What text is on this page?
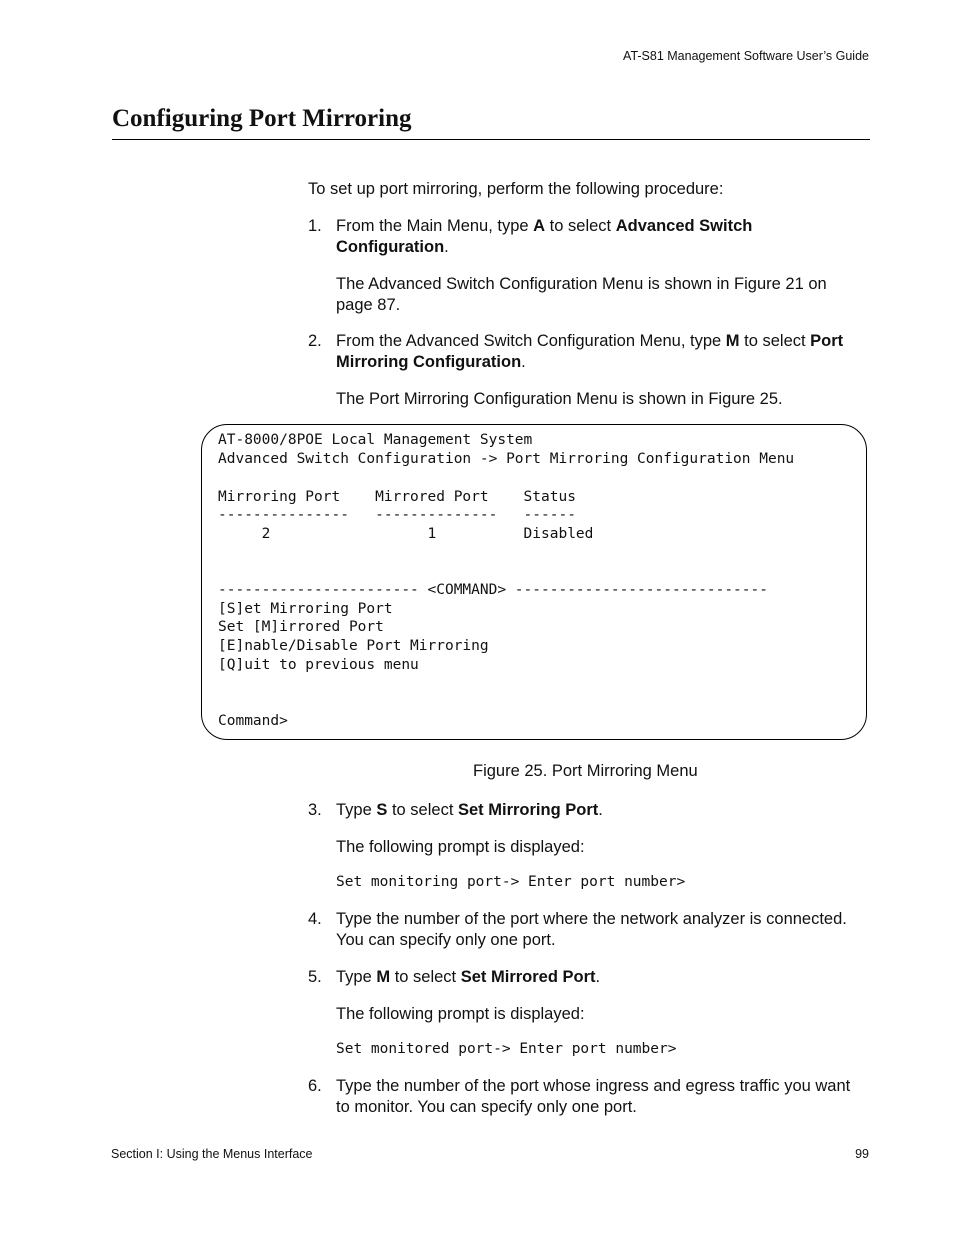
AT-S81 Management Software User’s Guide
Configuring Port Mirroring
To set up port mirroring, perform the following procedure:
1. From the Main Menu, type A to select Advanced Switch
Configuration.
The Advanced Switch Configuration Menu is shown in Figure 21 on
page 87.
2. From the Advanced Switch Configuration Menu, type M to select Port
Mirroring Configuration.
The Port Mirroring Configuration Menu is shown in Figure 25.
AT-8000/8POE Local Management System
Advanced Switch Configuration -> Port Mirroring Configuration Menu
Mirroring Port    Mirrored Port    Status
---------------   --------------   ------
2                  1          Disabled
----------------------- <COMMAND> -----------------------------
[S]et Mirroring Port
Set [M]irrored Port
[E]nable/Disable Port Mirroring
[Q]uit to previous menu
Command>
Figure 25. Port Mirroring Menu
3. Type S to select Set Mirroring Port.
The following prompt is displayed:
Set monitoring port-> Enter port number>
4. Type the number of the port where the network analyzer is connected.
You can specify only one port.
5. Type M to select Set Mirrored Port.
The following prompt is displayed:
Set monitored port-> Enter port number>
6. Type the number of the port whose ingress and egress traffic you want
to monitor. You can specify only one port.
Section I: Using the Menus Interface	99
